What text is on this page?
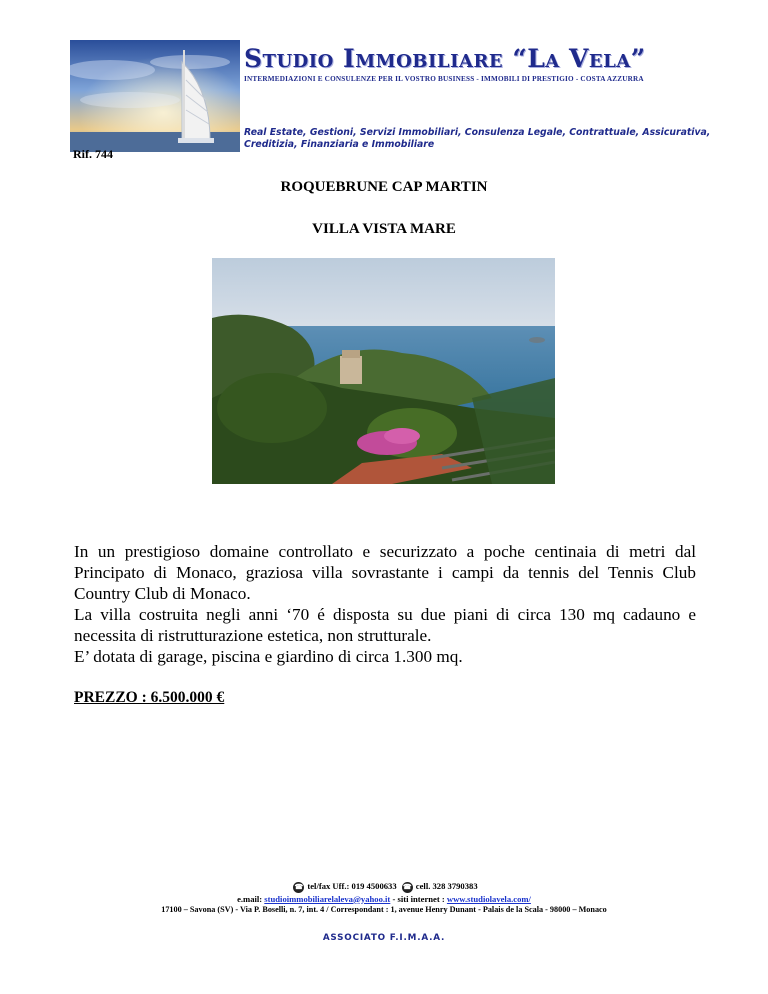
Studio Immobiliare “La Vela”
INTERMEDIAZIONI E CONSULENZE PER IL VOSTRO BUSINESS - IMMOBILI DI PRESTIGIO - COSTA AZZURRA
Real Estate, Gestioni, Servizi Immobiliari, Consulenza Legale, Contrattuale, Assicurativa, Creditizia, Finanziaria e Immobiliare
Rif. 744
ROQUEBRUNE CAP MARTIN
VILLA VISTA MARE

In un prestigioso domaine controllato e securizzato a poche centinaia di metri dal Principato di Monaco, graziosa villa sovrastante i campi da tennis del Tennis Club Country Club di Monaco.

La villa costruita negli anni ‘70 é disposta su due piani di circa 130 mq cadauno e necessita di ristrutturazione estetica, non strutturale.

E’ dotata di garage, piscina e giardino di circa 1.300 mq.

PREZZO : 6.500.000 €
☎ tel/fax Uff.: 019 4500633 ☎ cell. 328 3790383
e.mail: studioimmobiliarelaleva@yahoo.it - siti internet : www.studiolavela.com/
17100 – Savona (SV) - Via P. Boselli, n. 7, int. 4 / Correspondant : 1, avenue Henry Dunant - Palais de la Scala - 98000 – Monaco
ASSOCIATO F.I.M.A.A.
